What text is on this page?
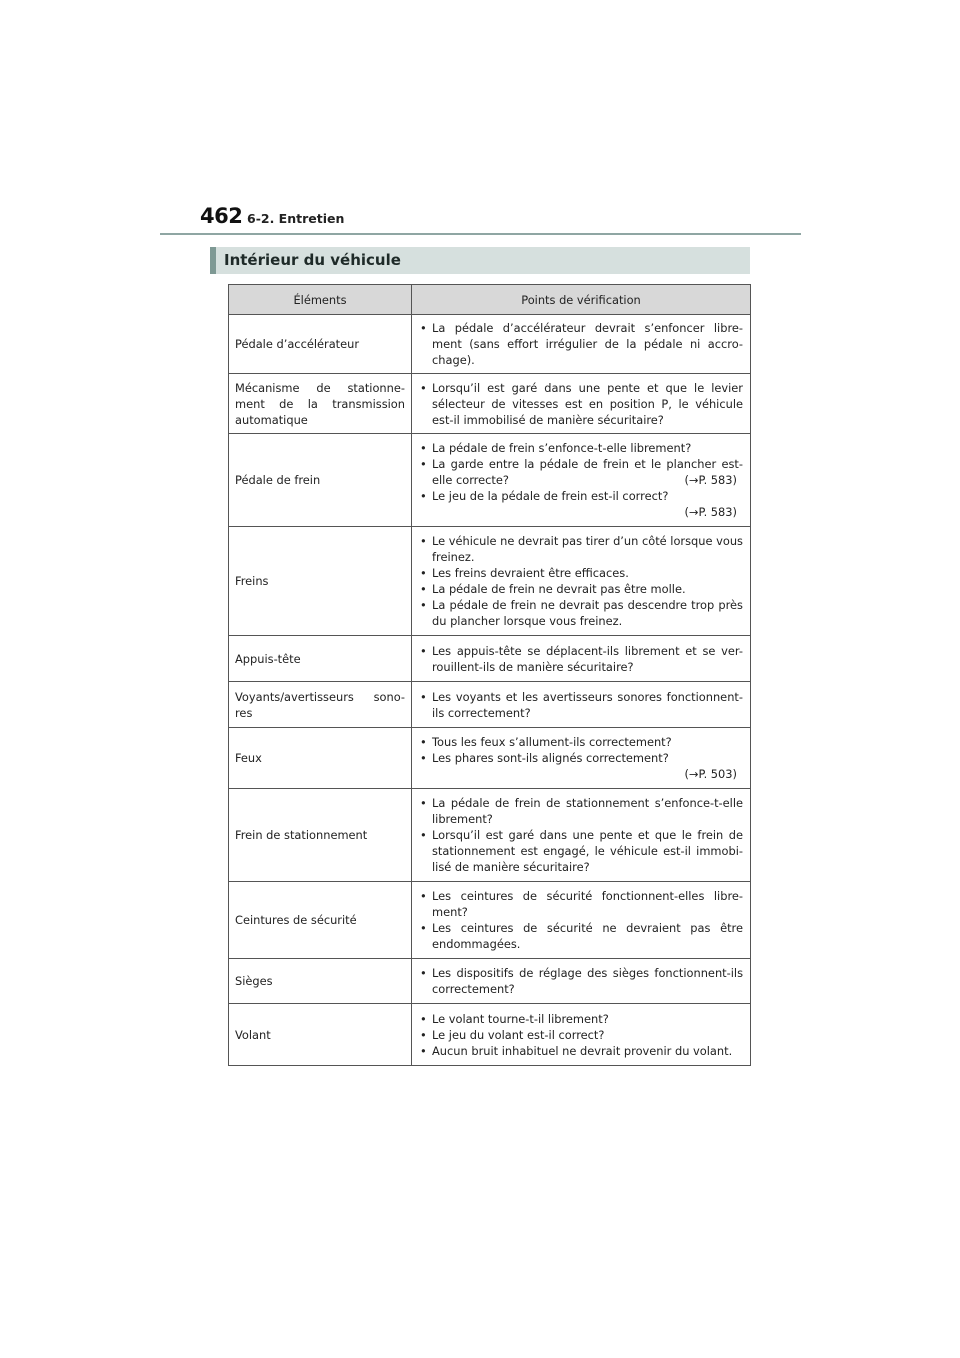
462 6-2. Entretien
Intérieur du véhicule
Éléments	Points de vérification
Pédale d’accélérateur	• La pédale d’accélérateur devrait s’enfoncer libre-ment (sans effort irrégulier de la pédale ni accro-chage).

Mécanisme de stationne-ment de la transmission automatique	• Lorsqu’il est garé dans une pente et que le levier sélecteur de vitesses est en position P, le véhicule est-il immobilisé de manière sécuritaire?

Pédale de frein	• La pédale de frein s’enfonce-t-elle librement?
• La garde entre la pédale de frein et le plancher est-elle correcte? (→P. 583)
• Le jeu de la pédale de frein est-il correct?
(→P. 583)

Freins	• Le véhicule ne devrait pas tirer d’un côté lorsque vous freinez.
• Les freins devraient être efficaces.
• La pédale de frein ne devrait pas être molle.
• La pédale de frein ne devrait pas descendre trop près du plancher lorsque vous freinez.

Appuis-tête	• Les appuis-tête se déplacent-ils librement et se ver-rouillent-ils de manière sécuritaire?

Voyants/avertisseurs sono-res	• Les voyants et les avertisseurs sonores fonctionnent-ils correctement?

Feux	• Tous les feux s’allument-ils correctement?
• Les phares sont-ils alignés correctement?
(→P. 503)

Frein de stationnement	• La pédale de frein de stationnement s’enfonce-t-elle librement?
• Lorsqu’il est garé dans une pente et que le frein de stationnement est engagé, le véhicule est-il immobi-lisé de manière sécuritaire?

Ceintures de sécurité	• Les ceintures de sécurité fonctionnent-elles libre-ment?
• Les ceintures de sécurité ne devraient pas être endommagées.

Sièges	• Les dispositifs de réglage des sièges fonctionnent-ils correctement?

Volant	• Le volant tourne-t-il librement?
• Le jeu du volant est-il correct?
• Aucun bruit inhabituel ne devrait provenir du volant.
